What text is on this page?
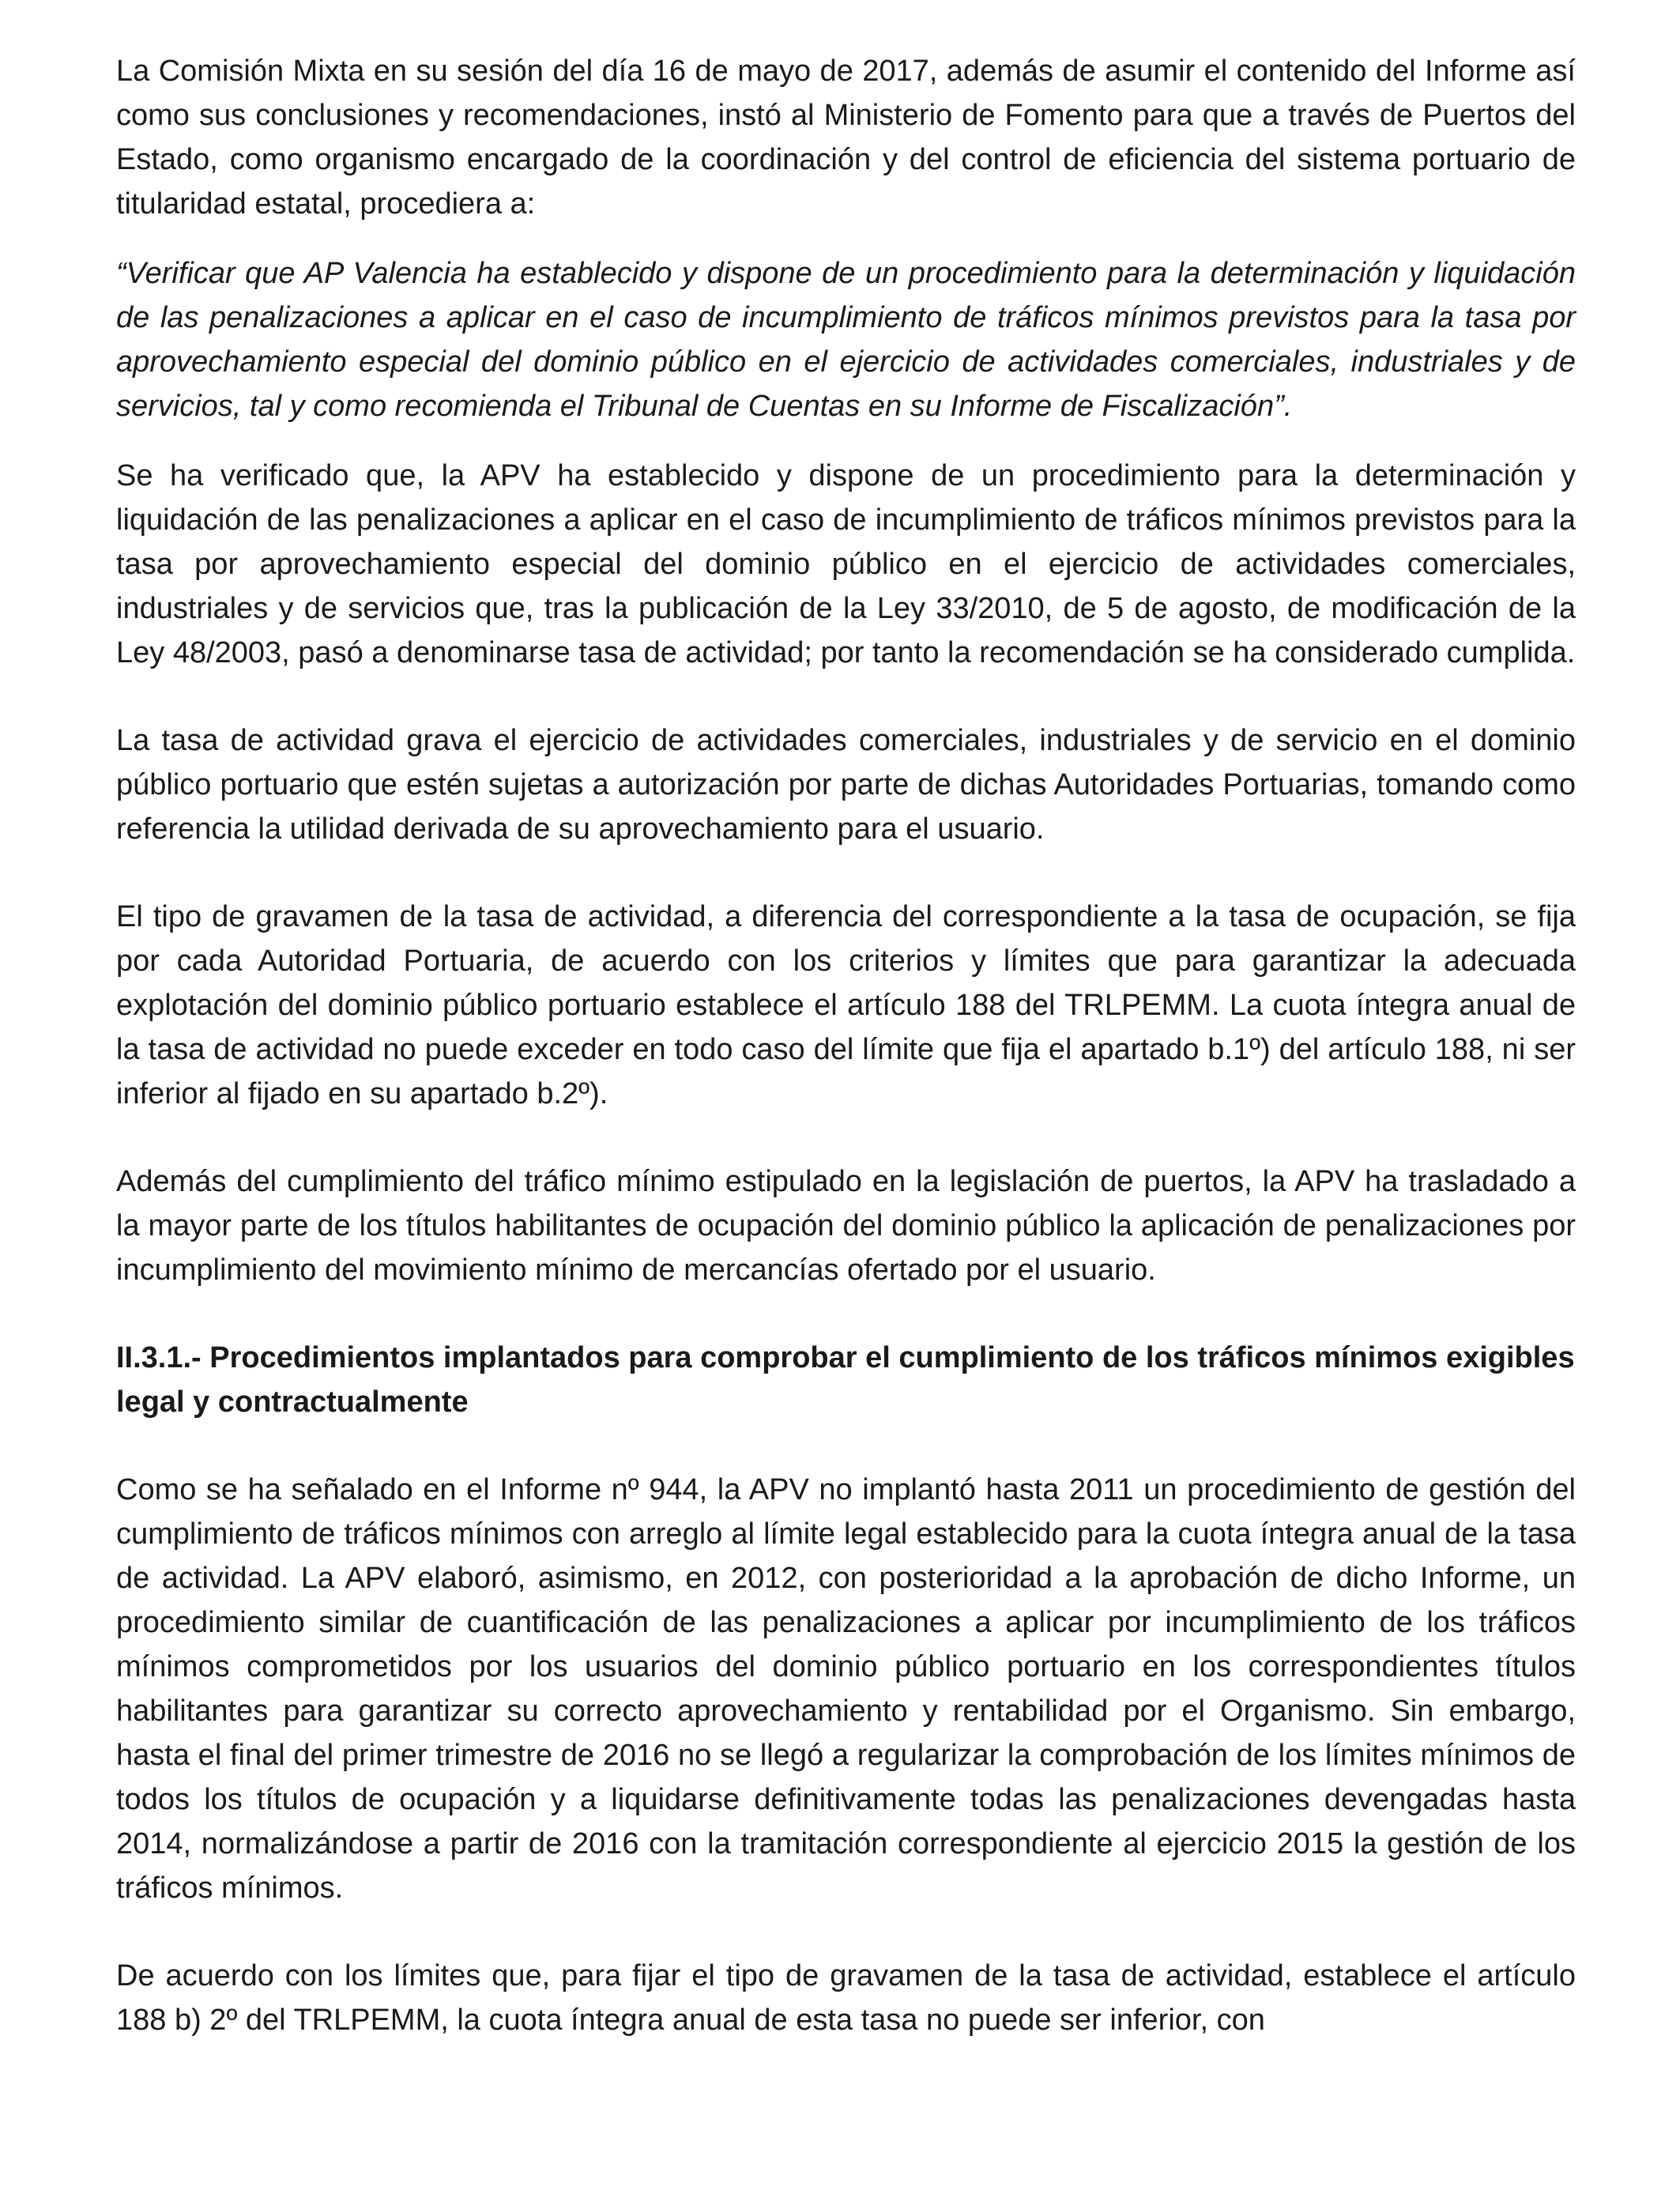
La Comisión Mixta en su sesión del día 16 de mayo de 2017, además de asumir el contenido del Informe así como sus conclusiones y recomendaciones, instó al Ministerio de Fomento para que a través de Puertos del Estado, como organismo encargado de la coordinación y del control de eficiencia del sistema portuario de titularidad estatal, procediera a:

“Verificar que AP Valencia ha establecido y dispone de un procedimiento para la determinación y liquidación de las penalizaciones a aplicar en el caso de incumplimiento de tráficos mínimos previstos para la tasa por aprovechamiento especial del dominio público en el ejercicio de actividades comerciales, industriales y de servicios, tal y como recomienda el Tribunal de Cuentas en su Informe de Fiscalización”.

Se ha verificado que, la APV ha establecido y dispone de un procedimiento para la determinación y liquidación de las penalizaciones a aplicar en el caso de incumplimiento de tráficos mínimos previstos para la tasa por aprovechamiento especial del dominio público en el ejercicio de actividades comerciales, industriales y de servicios que, tras la publicación de la Ley 33/2010, de 5 de agosto, de modificación de la Ley 48/2003, pasó a denominarse tasa de actividad; por tanto la recomendación se ha considerado cumplida.

La tasa de actividad grava el ejercicio de actividades comerciales, industriales y de servicio en el dominio público portuario que estén sujetas a autorización por parte de dichas Autoridades Portuarias, tomando como referencia la utilidad derivada de su aprovechamiento para el usuario.

El tipo de gravamen de la tasa de actividad, a diferencia del correspondiente a la tasa de ocupación, se fija por cada Autoridad Portuaria, de acuerdo con los criterios y límites que para garantizar la adecuada explotación del dominio público portuario establece el artículo 188 del TRLPEMM. La cuota íntegra anual de la tasa de actividad no puede exceder en todo caso del límite que fija el apartado b.1º) del artículo 188, ni ser inferior al fijado en su apartado b.2º).

Además del cumplimiento del tráfico mínimo estipulado en la legislación de puertos, la APV ha trasladado a la mayor parte de los títulos habilitantes de ocupación del dominio público la aplicación de penalizaciones por incumplimiento del movimiento mínimo de mercancías ofertado por el usuario.

II.3.1.- Procedimientos implantados para comprobar el cumplimiento de los tráficos mínimos exigibles legal y contractualmente

Como se ha señalado en el Informe nº 944, la APV no implantó hasta 2011 un procedimiento de gestión del cumplimiento de tráficos mínimos con arreglo al límite legal establecido para la cuota íntegra anual de la tasa de actividad. La APV elaboró, asimismo, en 2012, con posterioridad a la aprobación de dicho Informe, un procedimiento similar de cuantificación de las penalizaciones a aplicar por incumplimiento de los tráficos mínimos comprometidos por los usuarios del dominio público portuario en los correspondientes títulos habilitantes para garantizar su correcto aprovechamiento y rentabilidad por el Organismo. Sin embargo, hasta el final del primer trimestre de 2016 no se llegó a regularizar la comprobación de los límites mínimos de todos los títulos de ocupación y a liquidarse definitivamente todas las penalizaciones devengadas hasta 2014, normalizándose a partir de 2016 con la tramitación correspondiente al ejercicio 2015 la gestión de los tráficos mínimos.

De acuerdo con los límites que, para fijar el tipo de gravamen de la tasa de actividad, establece el artículo 188 b) 2º del TRLPEMM, la cuota íntegra anual de esta tasa no puede ser inferior, con
